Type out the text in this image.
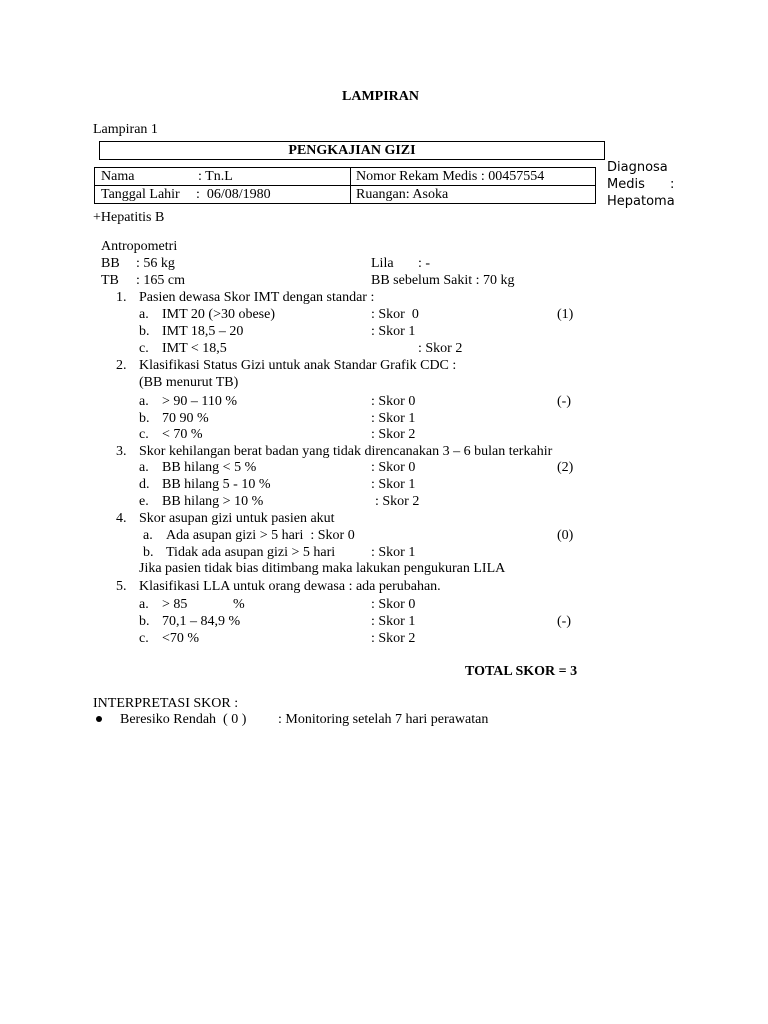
LAMPIRAN
Lampiran 1
PENGKAJIAN GIZI
Nama	: Tn.L	Nomor Rekam Medis : 00457554
Tanggal Lahir :  06/08/1980	Ruangan: Asoka
Diagnosa
Medis :
Hepatoma
+Hepatitis B
Antropometri
BB : 56 kg	Lila : -
TB : 165 cm	BB sebelum Sakit : 70 kg
1. Pasien dewasa Skor IMT dengan standar :
a. IMT 20 (>30 obese)	: Skor  0	(1)
b. IMT 18,5 – 20	: Skor 1
c. IMT < 18,5	: Skor 2
2. Klasifikasi Status Gizi untuk anak Standar Grafik CDC :
(BB menurut TB)
a. > 90 – 110 %	: Skor 0	(-)
b. 70 90 %	: Skor 1
c. < 70 %	: Skor 2
3. Skor kehilangan berat badan yang tidak direncanakan 3 – 6 bulan terkahir
a. BB hilang < 5 %	: Skor 0	(2)
d. BB hilang 5 - 10 %	: Skor 1
e. BB hilang > 10 %	: Skor 2
4. Skor asupan gizi untuk pasien akut
a. Ada asupan gizi > 5 hari  : Skor 0	(0)
b. Tidak ada asupan gizi > 5 hari	: Skor 1
Jika pasien tidak bias ditimbang maka lakukan pengukuran LILA
5. Klasifikasi LLA untuk orang dewasa : ada perubahan.
a. > 85	%	: Skor 0
b. 70,1 – 84,9 %	: Skor 1	(-)
c. <70 %	: Skor 2
TOTAL SKOR = 3
INTERPRETASI SKOR :
Beresiko Rendah  ( 0 ) : Monitoring setelah 7 hari perawatan
